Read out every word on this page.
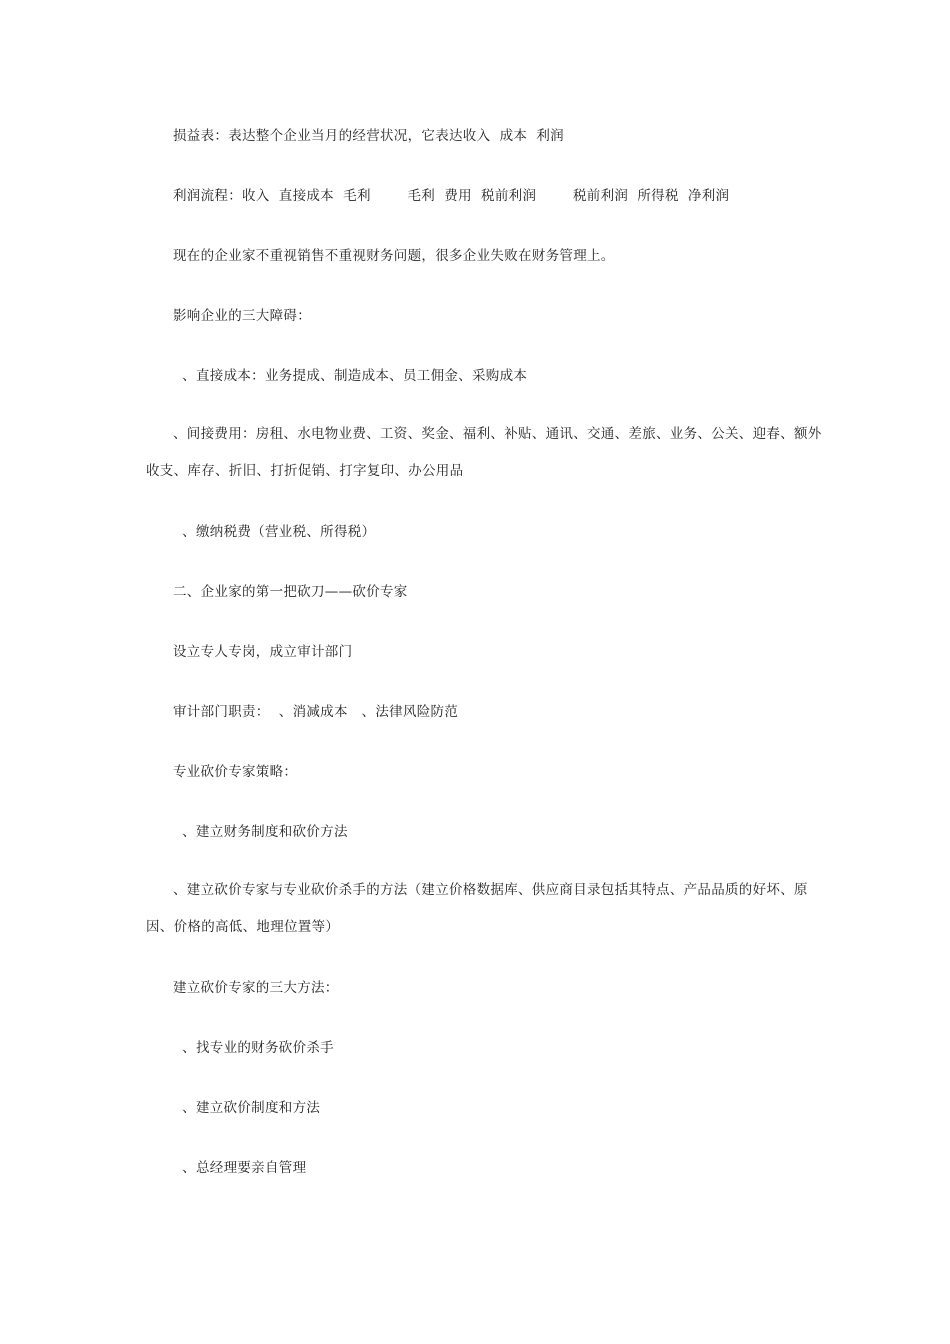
损益表：表达整个企业当月的经营状况，它表达收入  成本  利润
利润流程：收入  直接成本  毛利        毛利  费用  税前利润        税前利润  所得税  净利润
现在的企业家不重视销售不重视财务问题，很多企业失败在财务管理上。
影响企业的三大障碍：
、直接成本：业务提成、制造成本、员工佣金、采购成本
、间接费用：房租、水电物业费、工资、奖金、福利、补贴、通讯、交通、差旅、业务、公关、迎春、额外收支、库存、折旧、打折促销、打字复印、办公用品
、缴纳税费（营业税、所得税）
二、企业家的第一把砍刀——砍价专家
设立专人专岗，成立审计部门
审计部门职责：  、消减成本   、法律风险防范
专业砍价专家策略：
、建立财务制度和砍价方法
、建立砍价专家与专业砍价杀手的方法（建立价格数据库、供应商目录包括其特点、产品品质的好坏、原因、价格的高低、地理位置等）
建立砍价专家的三大方法：
、找专业的财务砍价杀手
、建立砍价制度和方法
、总经理要亲自管理
